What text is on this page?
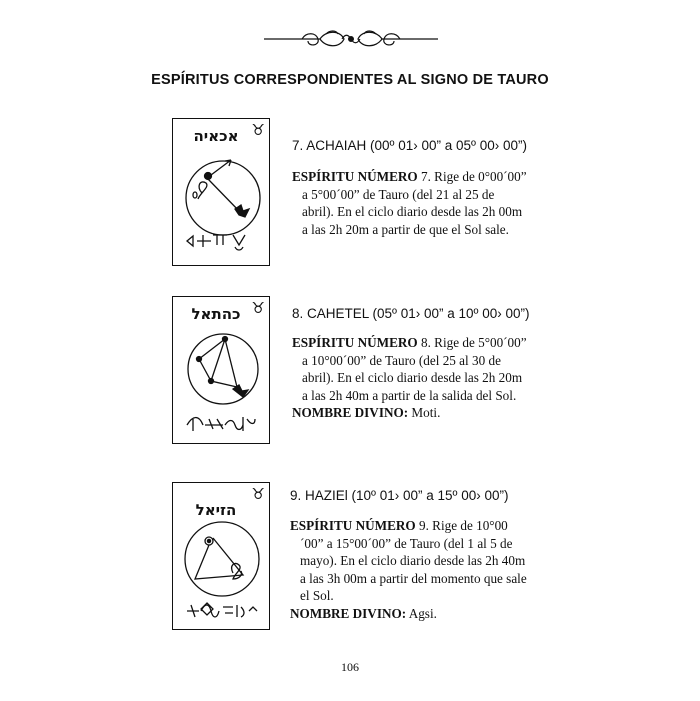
ESPÍRITUS CORRESPONDIENTES AL SIGNO DE TAURO
אכאיה ♉
7. ACHAIAH (00º 01› 00” a 05º 00› 00”)
ESPÍRITU NÚMERO 7. Rige de 0°00´00” a 5°00´00” de Tauro (del 21 al 25 de abril). En el ciclo diario desde las 2h 00m a las 2h 20m a partir de que el Sol sale.
כהתאל ♉ 8. CAHETEL (05º 01› 00” a 10º 00› 00”)
ESPÍRITU NÚMERO 8. Rige de 5°00´00” a 10°00´00” de Tauro (del 25 al 30 de abril). En el ciclo diario desde las 2h 20m a las 2h 40m a partir de la salida del Sol.
NOMBRE DIVINO: Moti.
הזיאל
♉ 9. HAZIEl (10º 01› 00” a 15º 00› 00”)
ESPÍRITU NÚMERO 9. Rige de 10°00´00” a 15°00´00” de Tauro (del 1 al 5 de mayo). En el ciclo diario desde las 2h 40m a las 3h 00m a partir del momento que sale el Sol.
NOMBRE DIVINO: Agsi.
106
